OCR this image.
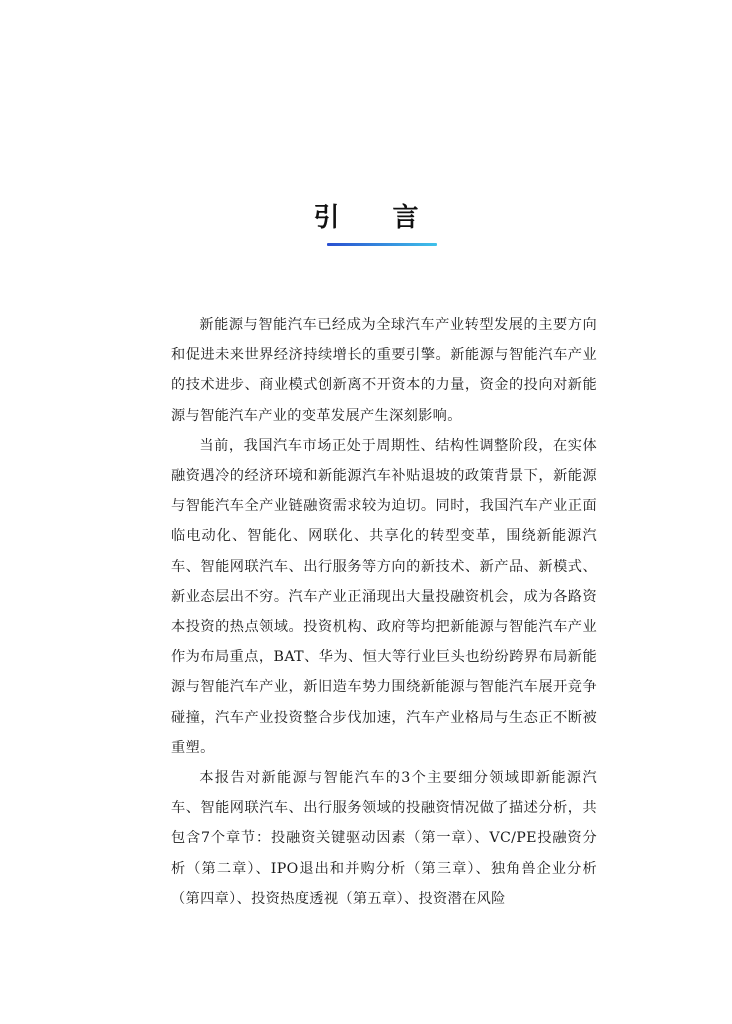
引 言

新能源与智能汽车已经成为全球汽车产业转型发展的主要方向和促进未来世界经济持续增长的重要引擎。新能源与智能汽车产业的技术进步、商业模式创新离不开资本的力量，资金的投向对新能源与智能汽车产业的变革发展产生深刻影响。

当前，我国汽车市场正处于周期性、结构性调整阶段，在实体融资遇冷的经济环境和新能源汽车补贴退坡的政策背景下，新能源与智能汽车全产业链融资需求较为迫切。同时，我国汽车产业正面临电动化、智能化、网联化、共享化的转型变革，围绕新能源汽车、智能网联汽车、出行服务等方向的新技术、新产品、新模式、新业态层出不穷。汽车产业正涌现出大量投融资机会，成为各路资本投资的热点领域。投资机构、政府等均把新能源与智能汽车产业作为布局重点，BAT、华为、恒大等行业巨头也纷纷跨界布局新能源与智能汽车产业，新旧造车势力围绕新能源与智能汽车展开竞争碰撞，汽车产业投资整合步伐加速，汽车产业格局与生态正不断被重塑。

本报告对新能源与智能汽车的3个主要细分领域即新能源汽车、智能网联汽车、出行服务领域的投融资情况做了描述分析，共包含7个章节：投融资关键驱动因素（第一章）、VC/PE投融资分析（第二章）、IPO退出和并购分析（第三章）、独角兽企业分析（第四章）、投资热度透视（第五章）、投资潜在风险
